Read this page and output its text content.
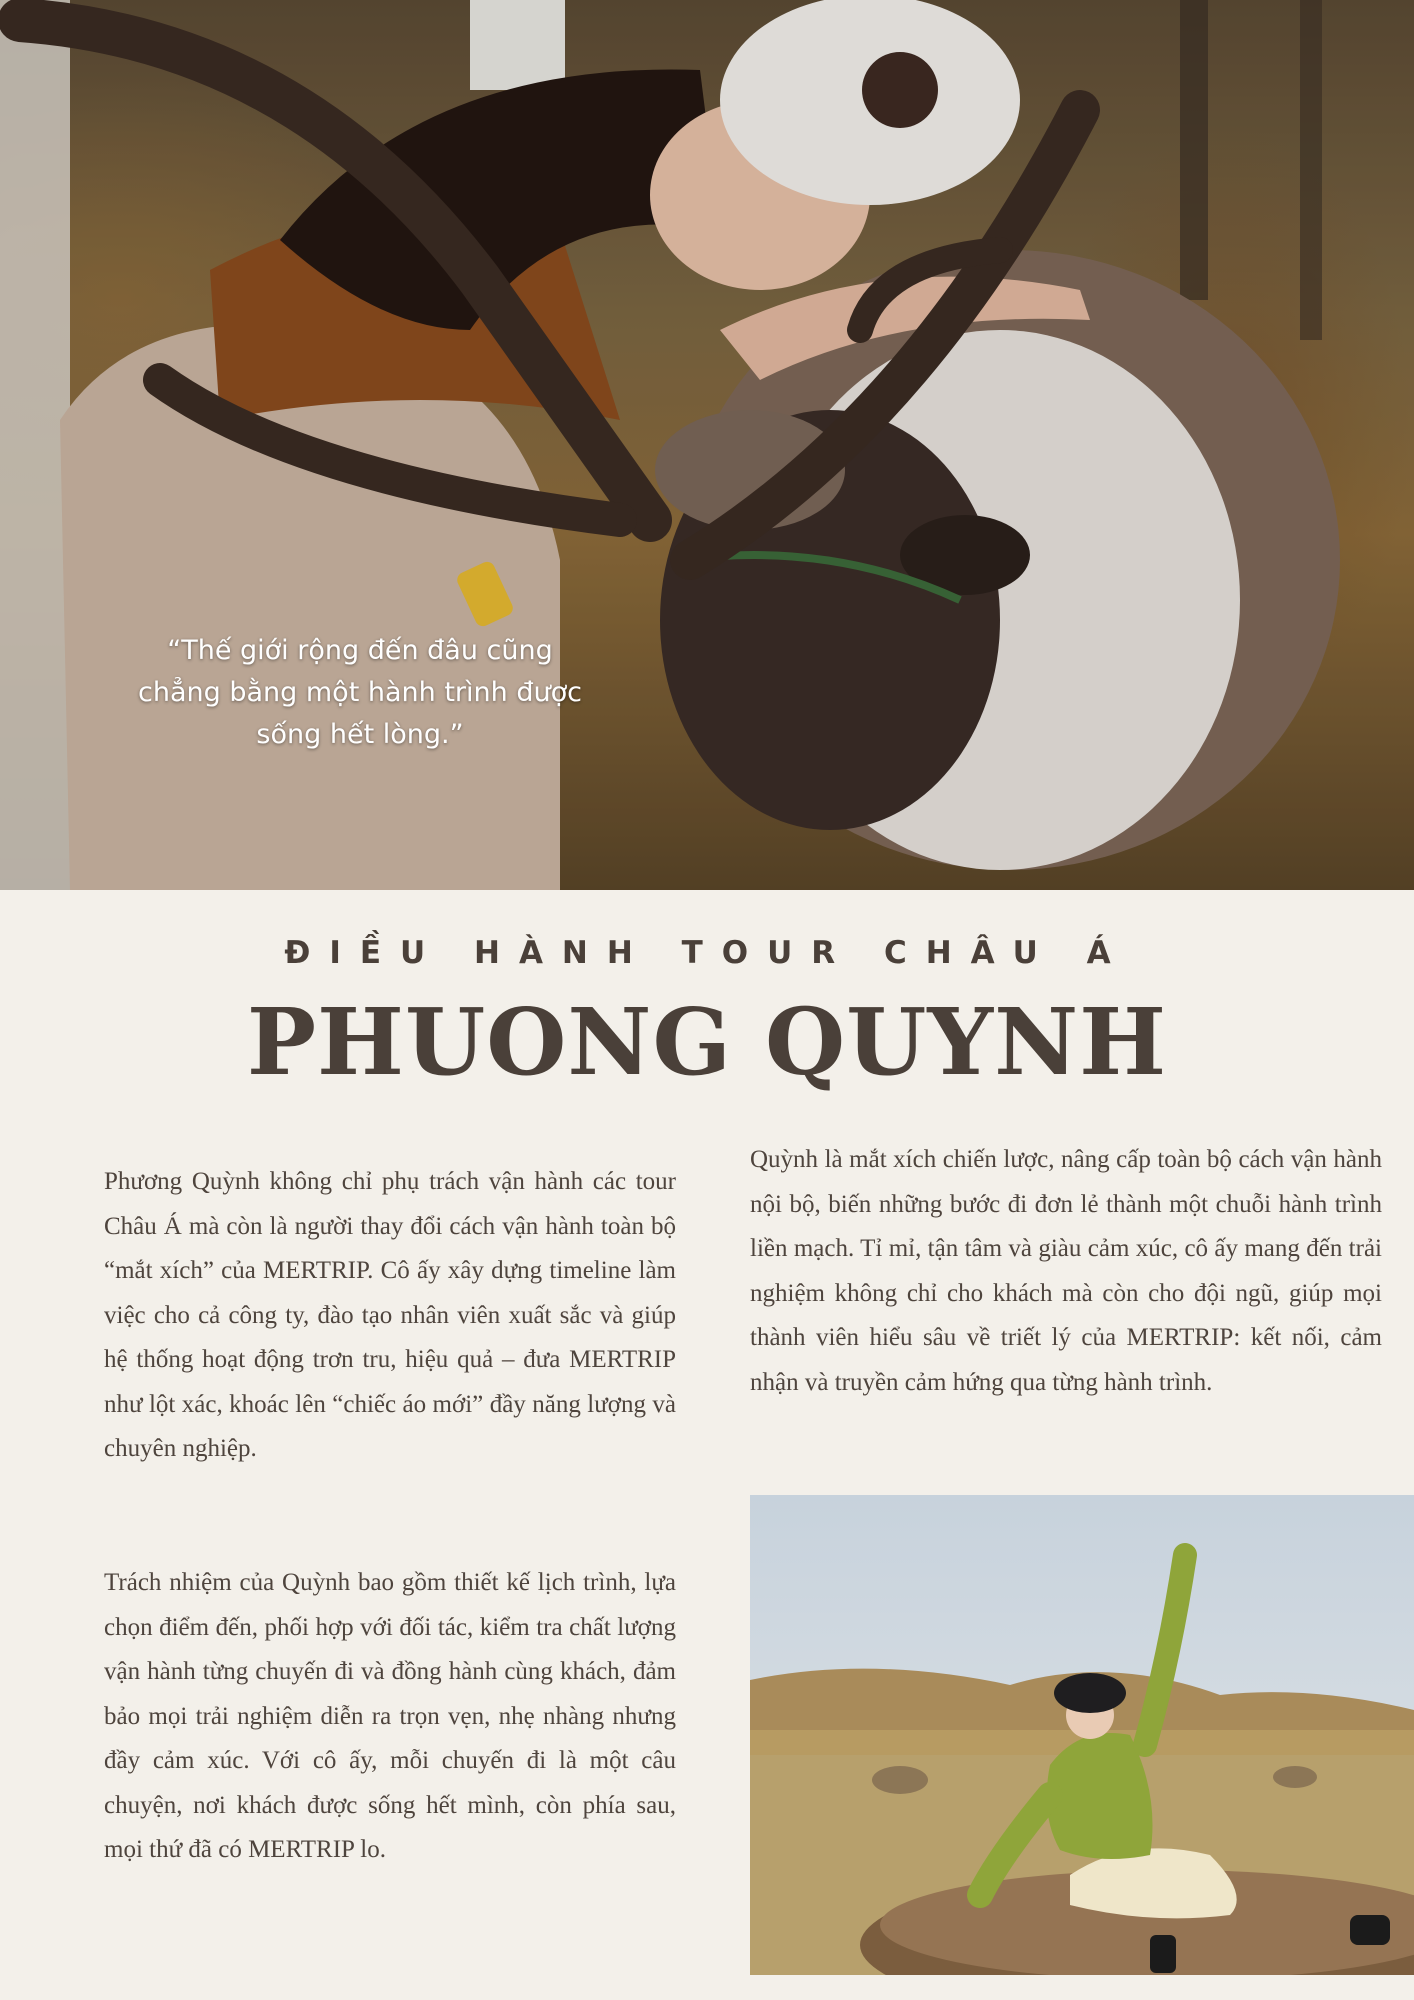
“Thế giới rộng đến đâu cũng chẳng bằng một hành trình được sống hết lòng.”

ĐIỀU HÀNH TOUR CHÂU Á
PHUONG QUYNH

Phương Quỳnh không chỉ phụ trách vận hành các tour Châu Á mà còn là người thay đổi cách vận hành toàn bộ “mắt xích” của MERTRIP. Cô ấy xây dựng timeline làm việc cho cả công ty, đào tạo nhân viên xuất sắc và giúp hệ thống hoạt động trơn tru, hiệu quả – đưa MERTRIP như lột xác, khoác lên “chiếc áo mới” đầy năng lượng và chuyên nghiệp.

Trách nhiệm của Quỳnh bao gồm thiết kế lịch trình, lựa chọn điểm đến, phối hợp với đối tác, kiểm tra chất lượng vận hành từng chuyến đi và đồng hành cùng khách, đảm bảo mọi trải nghiệm diễn ra trọn vẹn, nhẹ nhàng nhưng đầy cảm xúc. Với cô ấy, mỗi chuyến đi là một câu chuyện, nơi khách được sống hết mình, còn phía sau, mọi thứ đã có MERTRIP lo.

Quỳnh là mắt xích chiến lược, nâng cấp toàn bộ cách vận hành nội bộ, biến những bước đi đơn lẻ thành một chuỗi hành trình liền mạch. Tỉ mỉ, tận tâm và giàu cảm xúc, cô ấy mang đến trải nghiệm không chỉ cho khách mà còn cho đội ngũ, giúp mọi thành viên hiểu sâu về triết lý của MERTRIP: kết nối, cảm nhận và truyền cảm hứng qua từng hành trình.
